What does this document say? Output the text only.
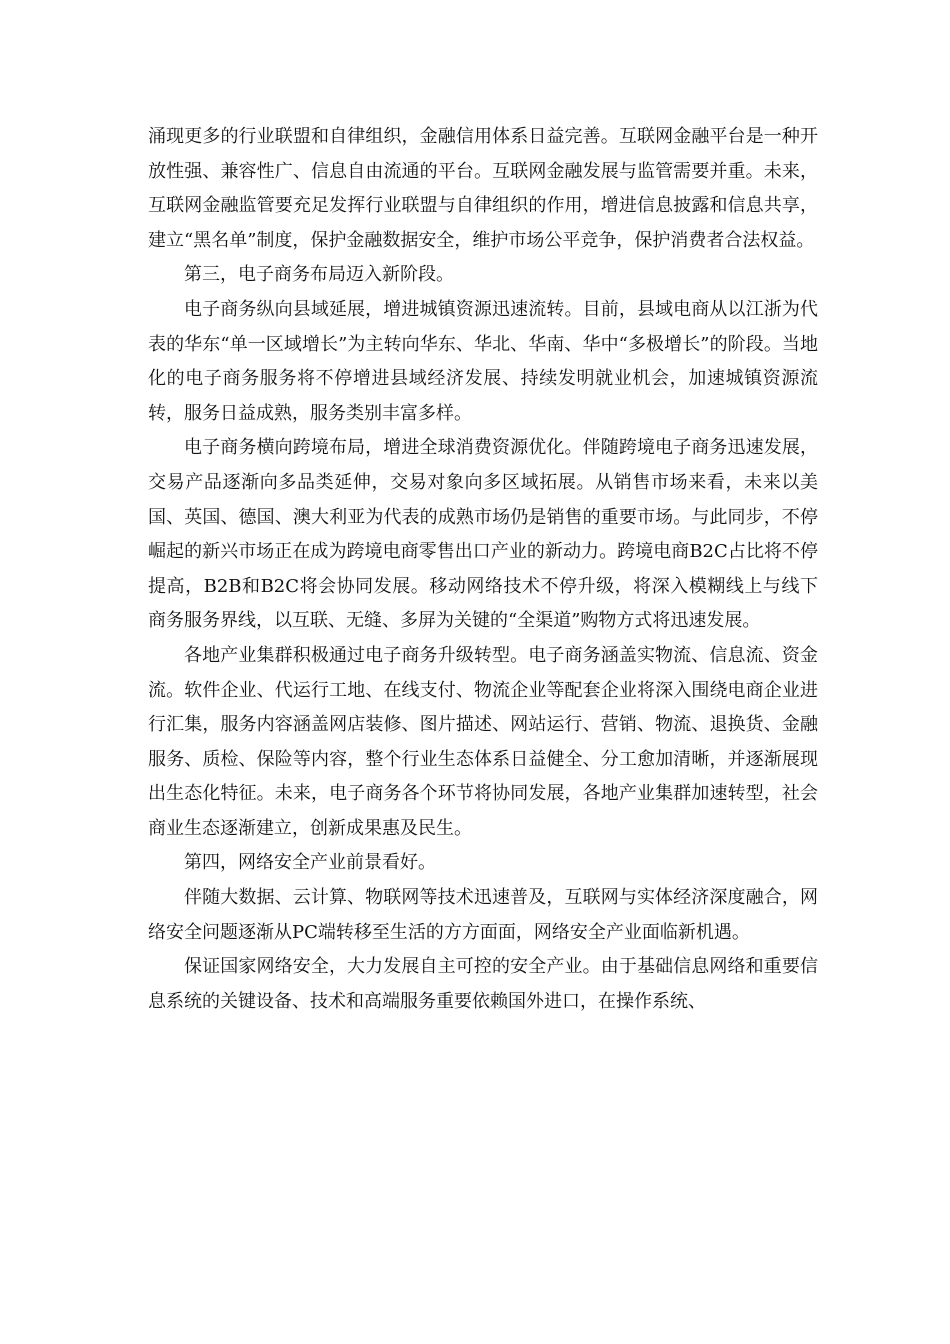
涌现更多的行业联盟和自律组织，金融信用体系日益完善。互联网金融平台是一种开放性强、兼容性广、信息自由流通的平台。互联网金融发展与监管需要并重。未来，互联网金融监管要充足发挥行业联盟与自律组织的作用，增进信息披露和信息共享，建立“黑名单”制度，保护金融数据安全，维护市场公平竞争，保护消费者合法权益。

第三，电子商务布局迈入新阶段。

电子商务纵向县域延展，增进城镇资源迅速流转。目前，县域电商从以江浙为代表的华东“单一区域增长”为主转向华东、华北、华南、华中“多极增长”的阶段。当地化的电子商务服务将不停增进县域经济发展、持续发明就业机会，加速城镇资源流转，服务日益成熟，服务类别丰富多样。

电子商务横向跨境布局，增进全球消费资源优化。伴随跨境电子商务迅速发展，交易产品逐渐向多品类延伸，交易对象向多区域拓展。从销售市场来看，未来以美国、英国、德国、澳大利亚为代表的成熟市场仍是销售的重要市场。与此同步，不停崛起的新兴市场正在成为跨境电商零售出口产业的新动力。跨境电商B2C占比将不停提高，B2B和B2C将会协同发展。移动网络技术不停升级，将深入模糊线上与线下商务服务界线，以互联、无缝、多屏为关键的“全渠道”购物方式将迅速发展。

各地产业集群积极通过电子商务升级转型。电子商务涵盖实物流、信息流、资金流。软件企业、代运行工地、在线支付、物流企业等配套企业将深入围绕电商企业进行汇集，服务内容涵盖网店装修、图片描述、网站运行、营销、物流、退换货、金融服务、质检、保险等内容，整个行业生态体系日益健全、分工愈加清晰，并逐渐展现出生态化特征。未来，电子商务各个环节将协同发展，各地产业集群加速转型，社会商业生态逐渐建立，创新成果惠及民生。

第四，网络安全产业前景看好。

伴随大数据、云计算、物联网等技术迅速普及，互联网与实体经济深度融合，网络安全问题逐渐从PC端转移至生活的方方面面，网络安全产业面临新机遇。

保证国家网络安全，大力发展自主可控的安全产业。由于基础信息网络和重要信息系统的关键设备、技术和高端服务重要依赖国外进口，在操作系统、
